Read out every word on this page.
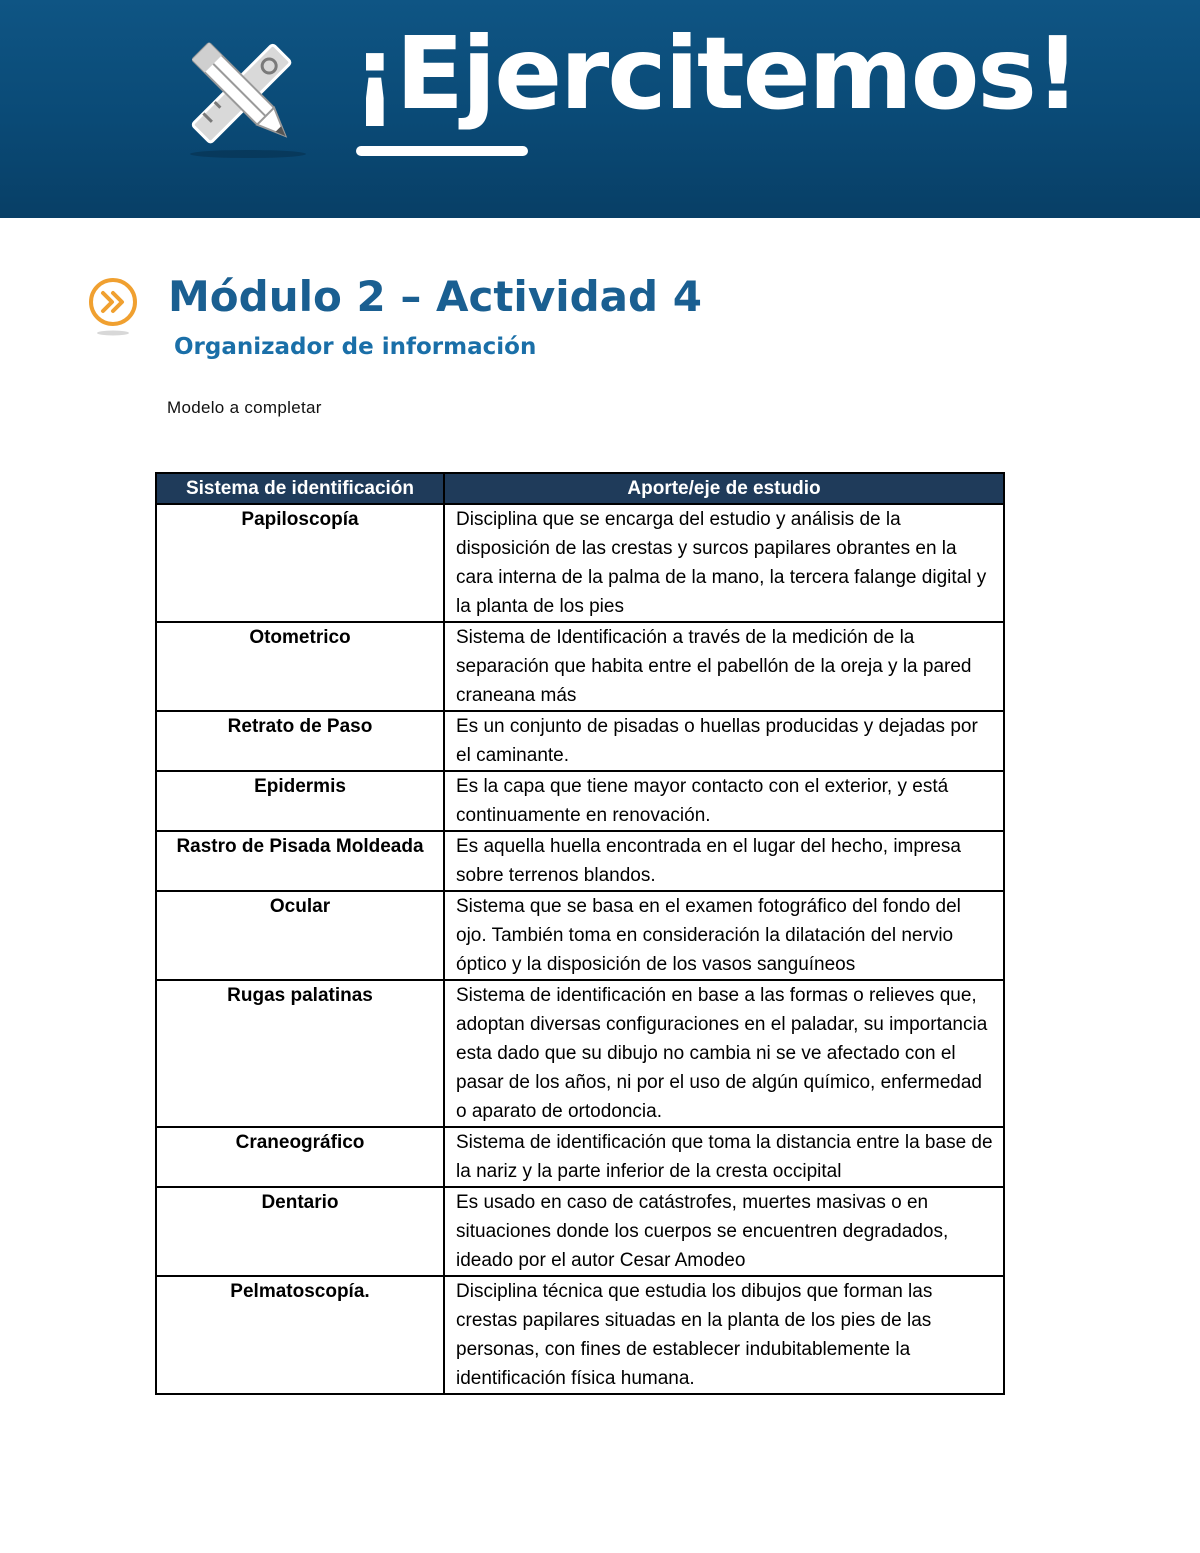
¡Ejercitemos!
Módulo 2 – Actividad 4
Organizador de información
Modelo a completar
Sistema de identificación	Aporte/eje de estudio
Papiloscopía	Disciplina que se encarga del estudio y análisis de la disposición de las crestas y surcos papilares obrantes en la cara interna de la palma de la mano, la tercera falange digital y la planta de los pies
Otometrico	Sistema de Identificación a través de la medición de la separación que habita entre el pabellón de la oreja y la pared craneana más
Retrato de Paso	Es un conjunto de pisadas o huellas producidas y dejadas por el caminante.
Epidermis	Es la capa que tiene mayor contacto con el exterior, y está continuamente en renovación.
Rastro de Pisada Moldeada	Es aquella huella encontrada en el lugar del hecho, impresa sobre terrenos blandos.
Ocular	Sistema que se basa en el examen fotográfico del fondo del ojo. También toma en consideración la dilatación del nervio óptico y la disposición de los vasos sanguíneos
Rugas palatinas	Sistema de identificación en base a las formas o relieves que, adoptan diversas configuraciones en el paladar, su importancia esta dado que su dibujo no cambia ni se ve afectado con el pasar de los años, ni por el uso de algún químico, enfermedad o aparato de ortodoncia.
Craneográfico	Sistema de identificación que toma la distancia entre la base de la nariz y la parte inferior de la cresta occipital
Dentario	Es usado en caso de catástrofes, muertes masivas o en situaciones donde los cuerpos se encuentren degradados, ideado por el autor Cesar Amodeo
Pelmatoscopía.	Disciplina técnica que estudia los dibujos que forman las crestas papilares situadas en la planta de los pies de las personas, con fines de establecer indubitablemente la identificación física humana.
